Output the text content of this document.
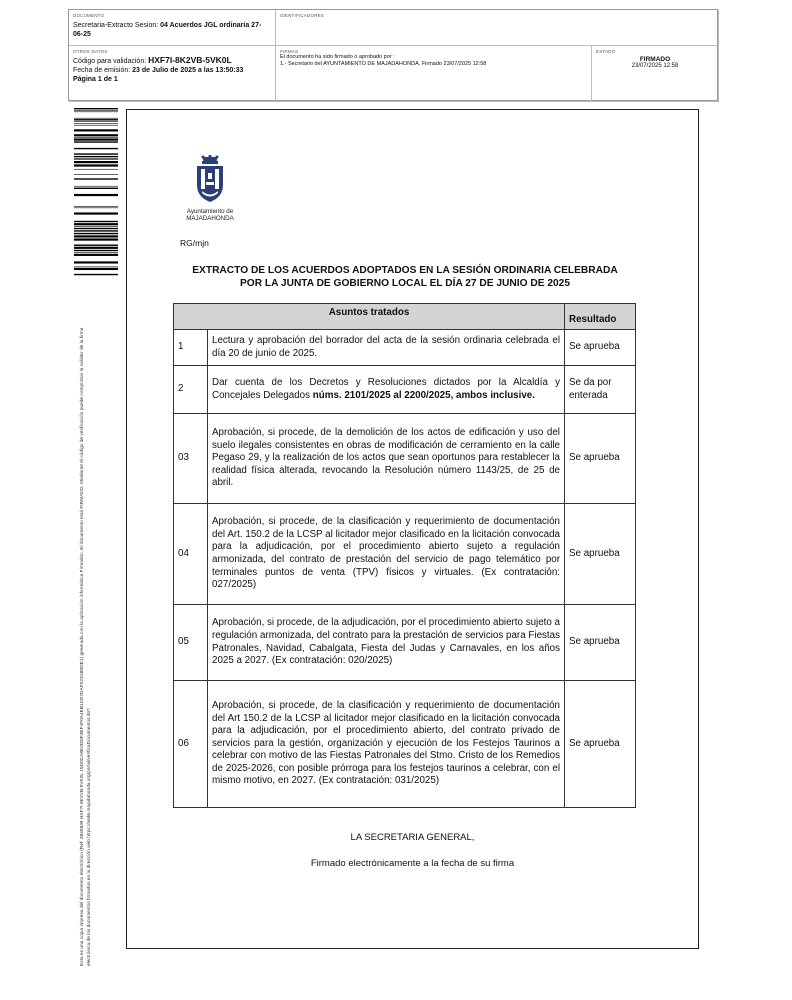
DOCUMENTO
Secretaria-Extracto Sesion: 04 Acuerdos JGL ordinaria 27-06-25
IDENTIFICADORES
OTROS DATOS
Código para validación: HXF7I-8K2VB-5VK0L
Fecha de emisión: 23 de Julio de 2025 a las 13:50:33
Página 1 de 1
FIRMAS
El documento ha sido firmado o aprobado por :
1.- Secretario del AYUNTAMIENTO DE MAJADAHONDA. Firmado 23/07/2025 12:58
ESTADO
FIRMADO
23/07/2025 12:58
Esta es una copia impresa del documento electrónico (Ref: 3849839 HXF7I-8K2VB-5VK0L 15D0CA8E2DDF3EF4F0A4EB1CE7DAF0231B9DE1) generada con la aplicación informática Firmadoc. El documento está FIRMADO. Mediante el código de verificación puede comprobar la validez de la firma electrónica de los documentos firmados en la dirección web https://sede.majadahonda.org/portal/verificaDocumentos.do?
Ayuntamiento de
MAJADAHONDA
RG/mjn
EXTRACTO DE LOS ACUERDOS ADOPTADOS EN LA SESIÓN ORDINARIA CELEBRADA
POR LA JUNTA DE GOBIERNO LOCAL EL DÍA 27 DE JUNIO DE 2025
Asuntos tratados		Resultado
1	Lectura y aprobación del borrador del acta de la sesión ordinaria celebrada el día 20 de junio de 2025.	Se aprueba
2	Dar cuenta de los Decretos y Resoluciones dictados por la Alcaldía y Concejales Delegados núms. 2101/2025 al 2200/2025, ambos inclusive.	Se da por enterada
03	Aprobación, si procede, de la demolición de los actos de edificación y uso del suelo ilegales consistentes en obras de modificación de cerramiento en la calle Pegaso 29, y la realización de los actos que sean oportunos para restablecer la realidad física alterada, revocando la Resolución número 1143/25, de 25 de abril.	Se aprueba
04	Aprobación, si procede, de la clasificación y requerimiento de documentación del Art. 150.2 de la LCSP al licitador mejor clasificado en la licitación convocada para la adjudicación, por el procedimiento abierto sujeto a regulación armonizada, del contrato de prestación del servicio de pago telemático por terminales puntos de venta (TPV) físicos y virtuales. (Ex contratación: 027/2025)	Se aprueba
05	Aprobación, si procede, de la adjudicación, por el procedimiento abierto sujeto a regulación armonizada, del contrato para la prestación de servicios para Fiestas Patronales, Navidad, Cabalgata, Fiesta del Judas y Carnavales, en los años 2025 a 2027. (Ex contratación: 020/2025)	Se aprueba
06	Aprobación, si procede, de la clasificación y requerimiento de documentación del Art 150.2 de la LCSP al licitador mejor clasificado en la licitación convocada para la adjudicación, por el procedimiento abierto, del contrato privado de servicios para la gestión, organización y ejecución de los Festejos Taurinos a celebrar con motivo de las Fiestas Patronales del Stmo. Cristo de los Remedios de 2025-2026, con posible prórroga para los festejos taurinos a celebrar, con el mismo motivo, en 2027. (Ex contratación: 031/2025)	Se aprueba
LA SECRETARIA GENERAL,
Firmado electrónicamente a la fecha de su firma
